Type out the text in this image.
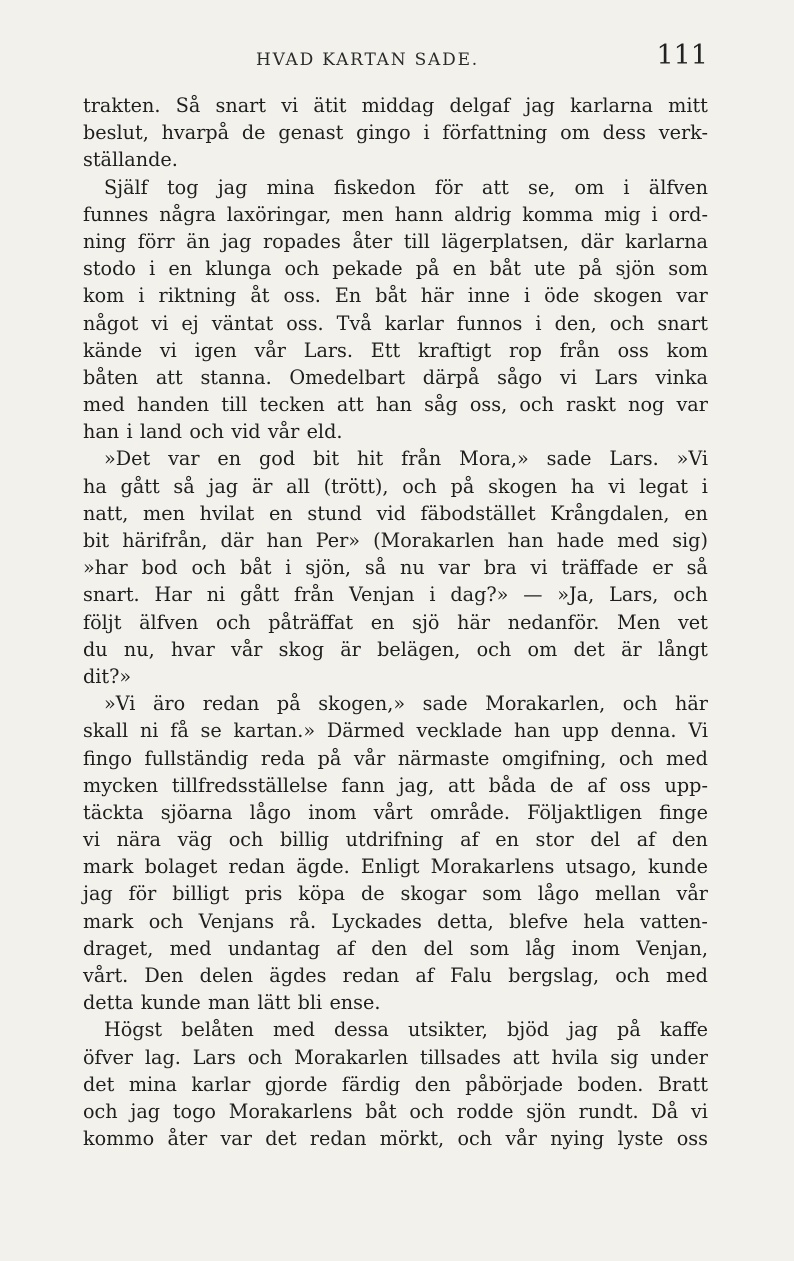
HVAD KARTAN SADE.	111
trakten. Så snart vi ätit middag delgaf jag karlarna mitt
beslut, hvarpå de genast gingo i författning om dess verk-
ställande.
Själf tog jag mina fiskedon för att se, om i älfven
funnes några laxöringar, men hann aldrig komma mig i ord-
ning förr än jag ropades åter till lägerplatsen, där karlarna
stodo i en klunga och pekade på en båt ute på sjön som
kom i riktning åt oss. En båt här inne i öde skogen var
något vi ej väntat oss. Två karlar funnos i den, och snart
kände vi igen vår Lars. Ett kraftigt rop från oss kom
båten att stanna. Omedelbart därpå sågo vi Lars vinka
med handen till tecken att han såg oss, och raskt nog var
han i land och vid vår eld.
»Det var en god bit hit från Mora,» sade Lars. »Vi
ha gått så jag är all (trött), och på skogen ha vi legat i
natt, men hvilat en stund vid fäbodstället Krångdalen, en
bit härifrån, där han Per» (Morakarlen han hade med sig)
»har bod och båt i sjön, så nu var bra vi träffade er så
snart. Har ni gått från Venjan i dag?» — »Ja, Lars, och
följt älfven och påträffat en sjö här nedanför. Men vet
du nu, hvar vår skog är belägen, och om det är långt
dit?»
»Vi äro redan på skogen,» sade Morakarlen, och här
skall ni få se kartan.» Därmed vecklade han upp denna. Vi
fingo fullständig reda på vår närmaste omgifning, och med
mycken tillfredsställelse fann jag, att båda de af oss upp-
täckta sjöarna lågo inom vårt område. Följaktligen finge
vi nära väg och billig utdrifning af en stor del af den
mark bolaget redan ägde. Enligt Morakarlens utsago, kunde
jag för billigt pris köpa de skogar som lågo mellan vår
mark och Venjans rå. Lyckades detta, blefve hela vatten-
draget, med undantag af den del som låg inom Venjan,
vårt. Den delen ägdes redan af Falu bergslag, och med
detta kunde man lätt bli ense.
Högst belåten med dessa utsikter, bjöd jag på kaffe
öfver lag. Lars och Morakarlen tillsades att hvila sig under
det mina karlar gjorde färdig den påbörjade boden. Bratt
och jag togo Morakarlens båt och rodde sjön rundt. Då vi
kommo åter var det redan mörkt, och vår nying lyste oss
